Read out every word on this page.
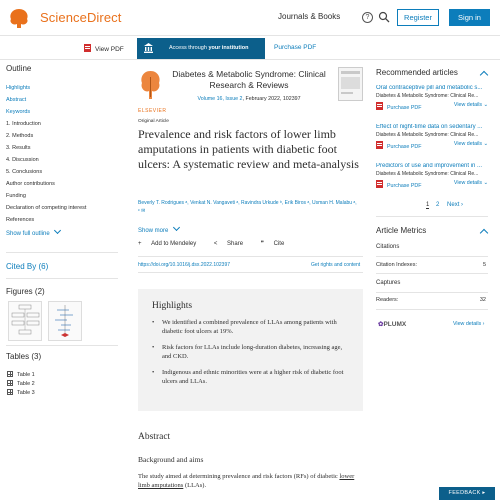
ScienceDirect	Journals & Books	?	Register	Sign in
View PDF	Access through your institution	Purchase PDF
Outline
Highlights
Abstract
Keywords
1. Introduction
2. Methods
3. Results
4. Discussion
5. Conclusions
Author contributions
Funding
Declaration of competing interest
References
Show full outline
Cited By (6)
Figures (2)
Tables (3)
Table 1
Table 2
Table 3
ELSEVIER
Diabetes & Metabolic Syndrome: Clinical Research & Reviews
Volume 16, Issue 2, February 2022, 102397
Original Article
Prevalence and risk factors of lower limb amputations in patients with diabetic foot ulcers: A systematic review and meta-analysis
Beverly T. Rodrigues ᵃ, Venkat N. Vangaveti ᵃ, Ravindra Urkude ᵇ, Erik Biros ᵃ, Usman H. Malabu ᵃ, ᶜ ✉
Show more
+ Add to Mendeley	< Share	❞ Cite
https://doi.org/10.1016/j.dsx.2022.102397	Get rights and content
Highlights
• We identified a combined prevalence of LLAs among patients with diabetic foot ulcers at 19%.
• Risk factors for LLAs include long-duration diabetes, increasing age, and CKD.
• Indigenous and ethnic minorities were at a higher risk of diabetic foot ulcers and LLAs.
Abstract
Background and aims
The study aimed at determining prevalence and risk factors (RFs) of diabetic lower limb amputations (LLAs).
Recommended articles
Oral contraceptive pill and metabolic s...
Diabetes & Metabolic Syndrome: Clinical Re...
Purchase PDF	View details ⌄
Effect of night-time data on sedentary ...
Diabetes & Metabolic Syndrome: Clinical Re...
Purchase PDF	View details ⌄
Predictors of use and improvement in ...
Diabetes & Metabolic Syndrome: Clinical Re...
Purchase PDF	View details ⌄
1 2 Next ›
Article Metrics
Citations
Citation Indexes:	5
Captures
Readers:	32
✿PLUMX	View details ›
FEEDBACK ▸
